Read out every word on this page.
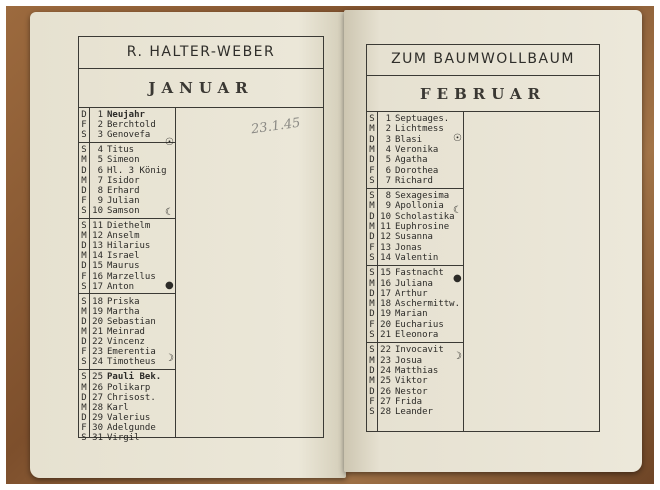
R. HALTER-WEBER
JANUAR
23.1.45
D	1 Neujahr
F	2 Berchtold
S	3 Genovefa
S	4 Titus
M	5 Simeon
D	6 Hl. 3 König
M	7 Isidor
D	8 Erhard
F	9 Julian
S 10 Samson
S 11 Diethelm
M 12 Anselm
D 13 Hilarius
M 14 Israel
D 15 Maurus
F 16 Marzellus
S 17 Anton
S 18 Priska
M 19 Martha
D 20 Sebastian
M 21 Meinrad
D 22 Vincenz
F 23 Emerentia
S 24 Timotheus
S 25 Pauli Bek.
M 26 Polikarp
D 27 Chrisost.
M 28 Karl
D 29 Valerius
F 30 Adelgunde
S 31 Virgil
☉
☾
●
☽
ZUM BAUMWOLLBAUM
FEBRUAR
S	1 Septuages.
M	2 Lichtmess
D	3 Blasi
M	4 Veronika
D	5 Agatha
F	6 Dorothea
S	7 Richard
S	8 Sexagesima
M	9 Apollonia
D 10 Scholastika
M 11 Euphrosine
D 12 Susanna
F 13 Jonas
S 14 Valentin
S 15 Fastnacht
M 16 Juliana
D 17 Arthur
M 18 Aschermittw.
D 19 Marian
F 20 Eucharius
S 21 Eleonora
S 22 Invocavit
M 23 Josua
D 24 Matthias
M 25 Viktor
D 26 Nestor
F 27 Frida
S 28 Leander
☉
☾
●
☽
